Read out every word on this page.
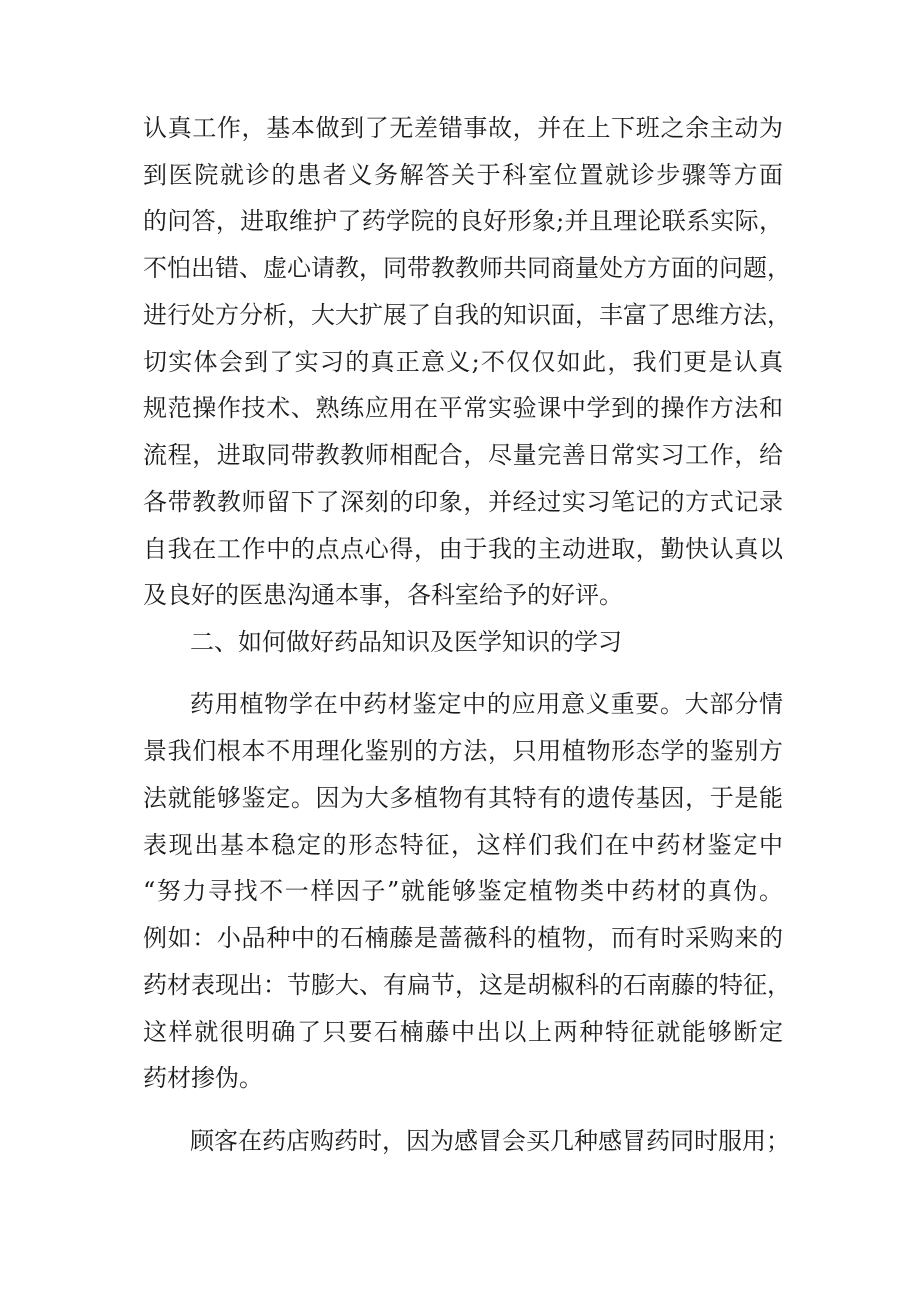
认真工作，基本做到了无差错事故，并在上下班之余主动为
到医院就诊的患者义务解答关于科室位置就诊步骤等方面
的问答，进取维护了药学院的良好形象;并且理论联系实际，
不怕出错、虚心请教，同带教教师共同商量处方方面的问题，
进行处方分析，大大扩展了自我的知识面，丰富了思维方法，
切实体会到了实习的真正意义;不仅仅如此，我们更是认真
规范操作技术、熟练应用在平常实验课中学到的操作方法和
流程，进取同带教教师相配合，尽量完善日常实习工作，给
各带教教师留下了深刻的印象，并经过实习笔记的方式记录
自我在工作中的点点心得，由于我的主动进取，勤快认真以
及良好的医患沟通本事，各科室给予的好评。
二、如何做好药品知识及医学知识的学习
药用植物学在中药材鉴定中的应用意义重要。大部分情
景我们根本不用理化鉴别的方法，只用植物形态学的鉴别方
法就能够鉴定。因为大多植物有其特有的遗传基因，于是能
表现出基本稳定的形态特征，这样们我们在中药材鉴定中
“努力寻找不一样因子”就能够鉴定植物类中药材的真伪。
例如：小品种中的石楠藤是蔷薇科的植物，而有时采购来的
药材表现出：节膨大、有扁节，这是胡椒科的石南藤的特征，
这样就很明确了只要石楠藤中出以上两种特征就能够断定
药材掺伪。
顾客在药店购药时，因为感冒会买几种感冒药同时服用；
